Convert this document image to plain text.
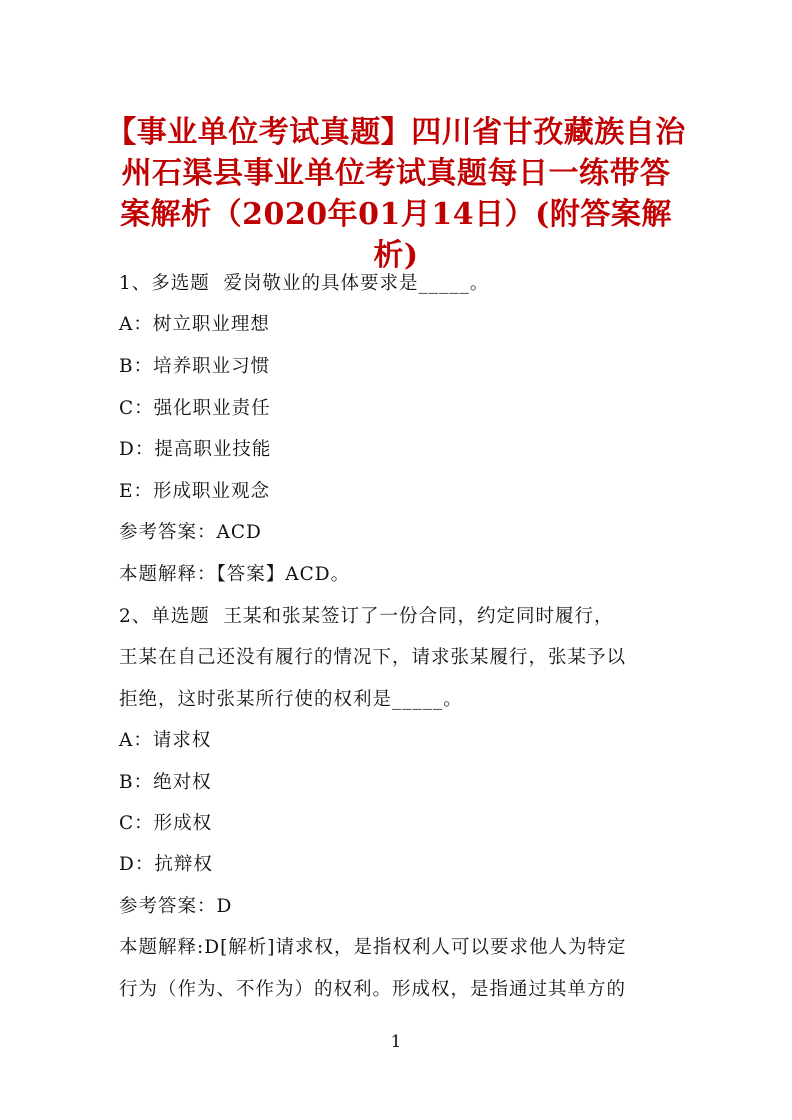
【事业单位考试真题】四川省甘孜藏族自治
州石渠县事业单位考试真题每日一练带答
案解析（2020年01月14日）(附答案解析)
1、多选题  爱岗敬业的具体要求是_____。
A：树立职业理想
B：培养职业习惯
C：强化职业责任
D：提高职业技能
E：形成职业观念
参考答案：ACD
本题解释：【答案】ACD。
2、单选题  王某和张某签订了一份合同，约定同时履行，
王某在自己还没有履行的情况下，请求张某履行，张某予以
拒绝，这时张某所行使的权利是_____。
A：请求权
B：绝对权
C：形成权
D：抗辩权
参考答案：D
本题解释:D[解析]请求权，是指权利人可以要求他人为特定
行为（作为、不作为）的权利。形成权，是指通过其单方的
1
